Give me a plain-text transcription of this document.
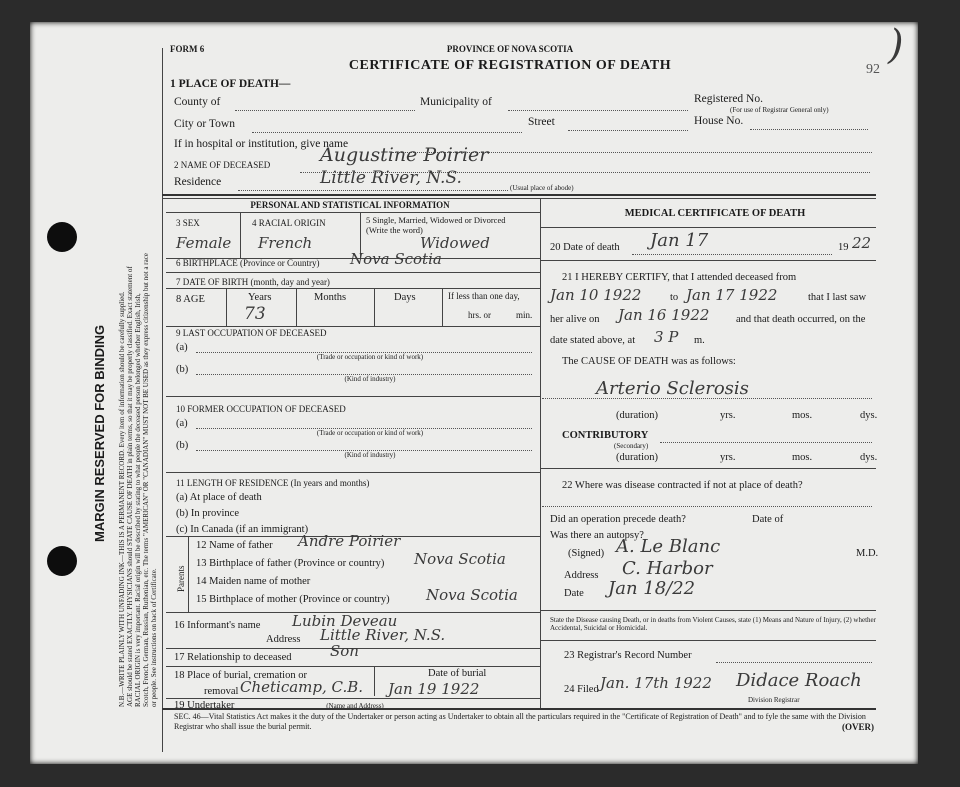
MARGIN RESERVED FOR BINDING N.B.—WRITE PLAINLY WITH UNFADING INK—THIS IS A PERMANENT RECORD. Every item of information should be carefully supplied. AGE should be stated EXACTLY. PHYSICIANS should STATE CAUSE OF DEATH in plain terms, so that it may be properly classified. Exact statement of RACIAL ORIGIN is very important. Racial origin will be described by stating to what people the deceased person belonged whether English, Irish, Scotch, French, German, Russian, Ruthenian, etc. The terms "AMERICAN" OR "CANADIAN" MUST NOT BE USED as they express citizenship but not a race or people. See instructions on back of Certificate.
FORM 6	PROVINCE OF NOVA SCOTIA
CERTIFICATE OF REGISTRATION OF DEATH	92
)
1 PLACE OF DEATH—
County of	Municipality of	Registered No.
(For use of Registrar General only)
City or Town	Street	House No.
If in hospital or institution, give name
2 NAME OF DECEASED	Augustine Poirier
Residence	Little River, N.S.	(Usual place of abode)
PERSONAL AND STATISTICAL INFORMATION
3 SEX	4 RACIAL ORIGIN	5 Single, Married, Widowed or Divorced (Write the word)
Female French	Widowed
6 BIRTHPLACE (Province or Country) Nova Scotia
7 DATE OF BIRTH (month, day and year)
8 AGE	Years
73
Months	Days	If less than one day,
hrs. or	min.
9 LAST OCCUPATION OF DECEASED
(a)
(Trade or occupation or kind of work)
(b)
(Kind of industry)
10 FORMER OCCUPATION OF DECEASED
(a)
(Trade or occupation or kind of work)
(b)
(Kind of industry)
11 LENGTH OF RESIDENCE (In years and months)
(a) At place of death
(b) In province
(c) In Canada (if an immigrant)
Parents
12 Name of father Andre Poirier
13 Birthplace of father (Province or country) Nova Scotia
14 Maiden name of mother
15 Birthplace of mother (Province or country) Nova Scotia
16 Informant's name Lubin Deveau
Address Little River, N.S.
17 Relationship to deceased	Son
18 Place of burial, cremation or
removal Cheticamp, C.B.
Date of burial
Jan 19 1922
19 Undertaker	(Name and Address)
MEDICAL CERTIFICATE OF DEATH
20 Date of death Jan 17	19 22
21 I HEREBY CERTIFY, that I attended deceased from
Jan 10 1922	to Jan 17 1922	that I last saw
her alive on Jan 16 1922	and that death occurred, on the
date stated above, at 3 P m.
The CAUSE OF DEATH was as follows:
Arterio Sclerosis
(duration)	yrs.	mos.	dys.
CONTRIBUTORY
(Secondary)
(duration)	yrs.	mos.	dys.
22 Where was disease contracted if not at place of death?
Did an operation precede death?	Date of
Was there an autopsy?
(Signed) A. Le Blanc	M.D.
Address C. Harbor
Date Jan 18/22
State the Disease causing Death, or in deaths from Violent Causes, state (1) Means and Nature of Injury, (2) whether Accidental, Suicidal or Homicidal.
23 Registrar's Record Number
24 Filed Jan. 17th 1922 Didace Roach
Division Registrar
SEC. 46—Vital Statistics Act makes it the duty of the Undertaker or person acting as Undertaker to obtain all the particulars required in the "Certificate of Registration of Death" and to fyle the same with the Division Registrar who shall issue the burial permit.	(OVER)
